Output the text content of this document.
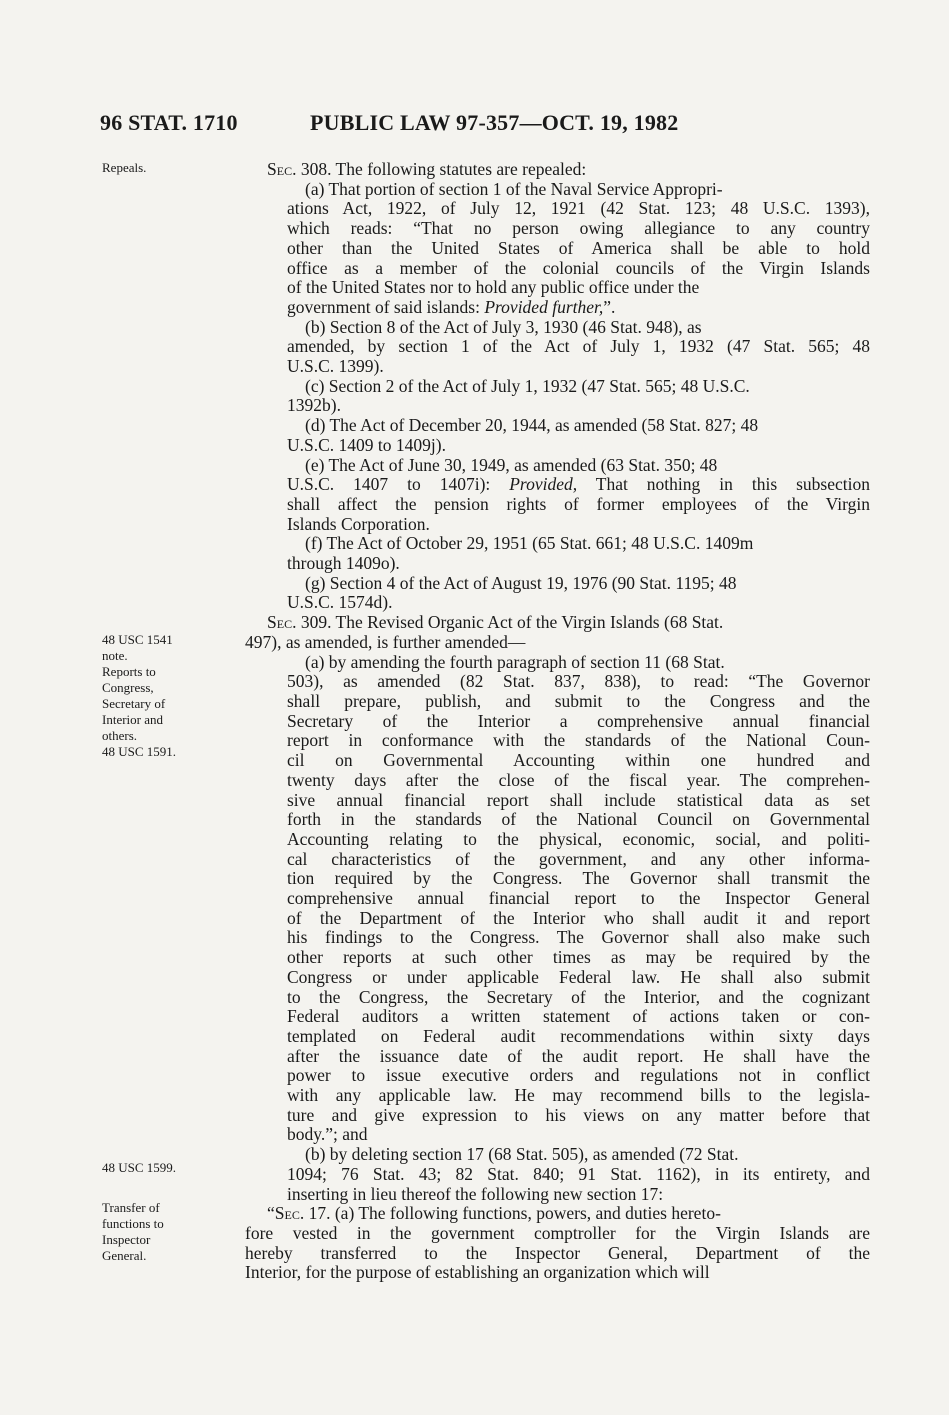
96 STAT. 1710	PUBLIC LAW 97-357—OCT. 19, 1982
Repeals.
48 USC 1541
note.
Reports to
Congress,
Secretary of
Interior and
others.
48 USC 1591.
48 USC 1599.
Transfer of
functions to
Inspector
General.
Sec. 308. The following statutes are repealed:
(a) That portion of section 1 of the Naval Service Appropri-
ations Act, 1922, of July 12, 1921 (42 Stat. 123; 48 U.S.C. 1393),
which reads: “That no person owing allegiance to any country
other than the United States of America shall be able to hold
office as a member of the colonial councils of the Virgin Islands
of the United States nor to hold any public office under the
government of said islands: Provided further,”.
(b) Section 8 of the Act of July 3, 1930 (46 Stat. 948), as
amended, by section 1 of the Act of July 1, 1932 (47 Stat. 565; 48
U.S.C. 1399).
(c) Section 2 of the Act of July 1, 1932 (47 Stat. 565; 48 U.S.C.
1392b).
(d) The Act of December 20, 1944, as amended (58 Stat. 827; 48
U.S.C. 1409 to 1409j).
(e) The Act of June 30, 1949, as amended (63 Stat. 350; 48
U.S.C. 1407 to 1407i): Provided, That nothing in this subsection
shall affect the pension rights of former employees of the Virgin
Islands Corporation.
(f) The Act of October 29, 1951 (65 Stat. 661; 48 U.S.C. 1409m
through 1409o).
(g) Section 4 of the Act of August 19, 1976 (90 Stat. 1195; 48
U.S.C. 1574d).
Sec. 309. The Revised Organic Act of the Virgin Islands (68 Stat.
497), as amended, is further amended—
(a) by amending the fourth paragraph of section 11 (68 Stat.
503), as amended (82 Stat. 837, 838), to read: “The Governor
shall prepare, publish, and submit to the Congress and the
Secretary of the Interior a comprehensive annual financial
report in conformance with the standards of the National Coun-
cil on Governmental Accounting within one hundred and
twenty days after the close of the fiscal year. The comprehen-
sive annual financial report shall include statistical data as set
forth in the standards of the National Council on Governmental
Accounting relating to the physical, economic, social, and politi-
cal characteristics of the government, and any other informa-
tion required by the Congress. The Governor shall transmit the
comprehensive annual financial report to the Inspector General
of the Department of the Interior who shall audit it and report
his findings to the Congress. The Governor shall also make such
other reports at such other times as may be required by the
Congress or under applicable Federal law. He shall also submit
to the Congress, the Secretary of the Interior, and the cognizant
Federal auditors a written statement of actions taken or con-
templated on Federal audit recommendations within sixty days
after the issuance date of the audit report. He shall have the
power to issue executive orders and regulations not in conflict
with any applicable law. He may recommend bills to the legisla-
ture and give expression to his views on any matter before that
body.”; and
(b) by deleting section 17 (68 Stat. 505), as amended (72 Stat.
1094; 76 Stat. 43; 82 Stat. 840; 91 Stat. 1162), in its entirety, and
inserting in lieu thereof the following new section 17:
“Sec. 17. (a) The following functions, powers, and duties hereto-
fore vested in the government comptroller for the Virgin Islands are
hereby transferred to the Inspector General, Department of the
Interior, for the purpose of establishing an organization which will
